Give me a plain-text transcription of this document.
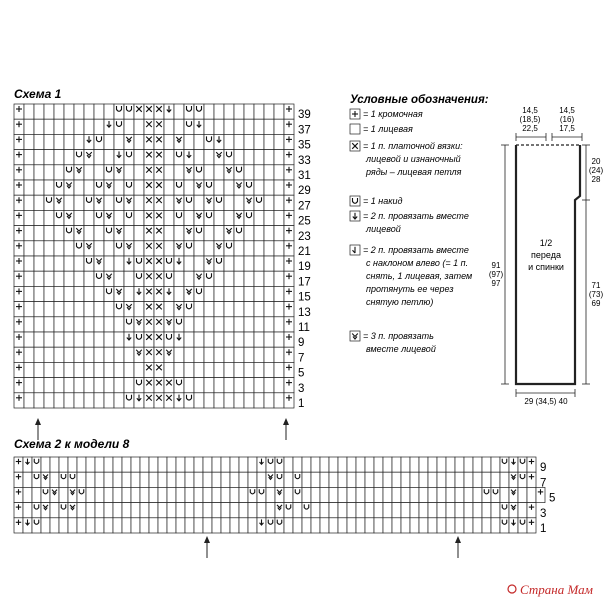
Схема 1
39
37
35
33
31
29
27
25
23
21
19
17
15
13
11
9
7
5
3
1
Схема 2 к модели 8
9
7
5
3
1
Условные обозначения:
= 1 кромочная
= 1 лицевая
= 1 п. платочной вязки:
лицевой и изнаночный
ряды – лицевая петля
= 1 накид
= 2 п. провязать вместе
лицевой
= 2 п. провязать вместе
с наклоном влево (= 1 п.
снять, 1 лицевая, затем
протянуть ее через
снятую петлю)
= 3 п. провязать
вместе лицевой
14,5
(18,5)
22,5
14,5
(16)
17,5
1/2
переда
и спинки
91
(97)
97
20
(24)
28
71
(73)
69
29 (34,5) 40
Страна Мам
